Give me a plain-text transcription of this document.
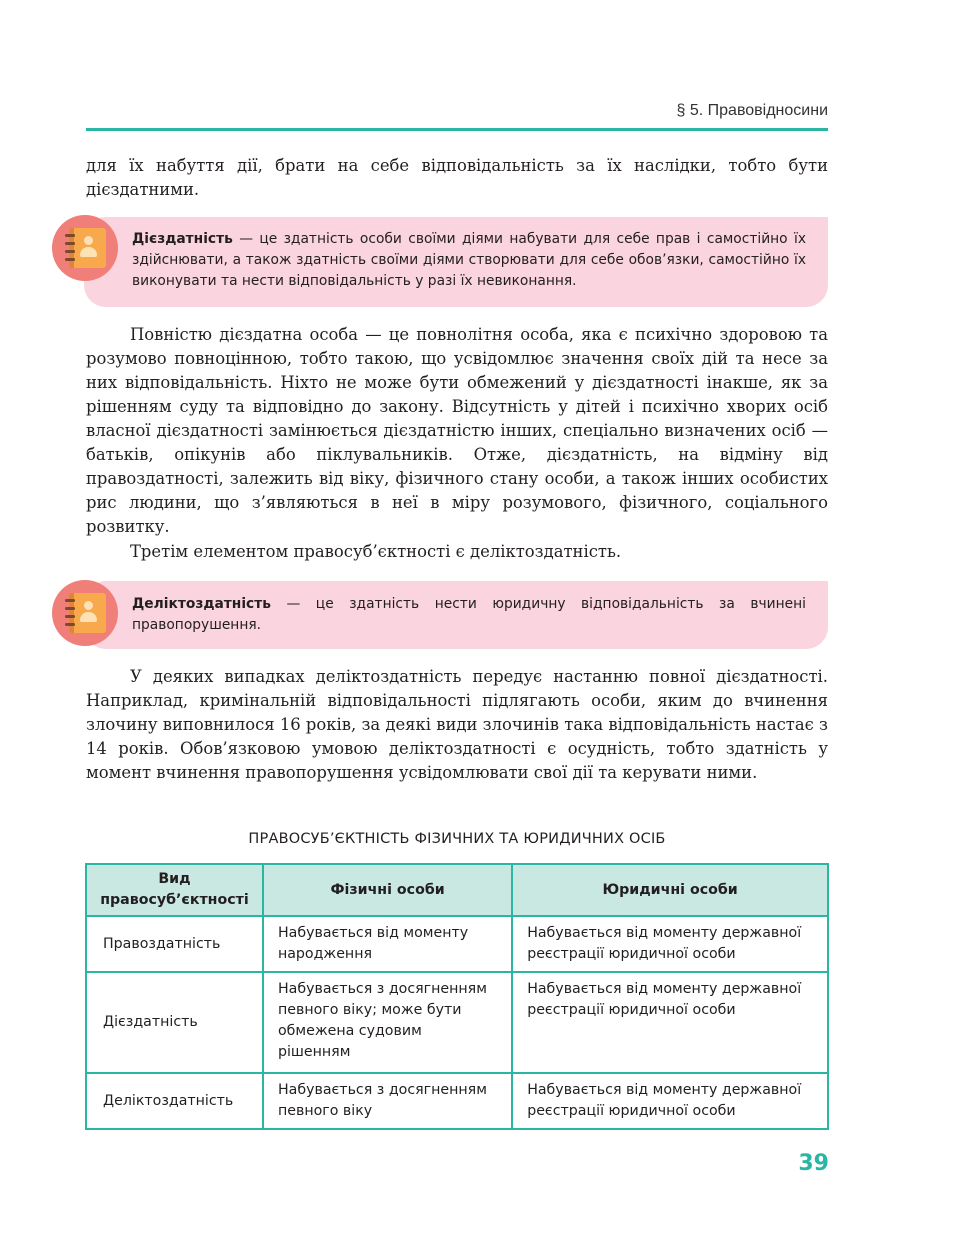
§ 5. Правовідносини

для їх набуття дії, брати на себе відповідальність за їх наслідки, тобто бути дієздатними.

Дієздатність — це здатність особи своїми діями набувати для себе прав і самостійно їх здійснювати, а також здатність своїми діями створювати для себе обов’язки, самостійно їх виконувати та нести відповідальність у разі їх невиконання.

Повністю дієздатна особа — це повнолітня особа, яка є психічно здоровою та розумово повноцінною, тобто такою, що усвідомлює значення своїх дій та несе за них відповідальність. Ніхто не може бути обмежений у дієздатності інакше, як за рішенням суду та відповідно до закону. Відсутність у дітей і психічно хворих осіб власної дієздатності замінюється дієздатністю інших, спеціально визначених осіб — батьків, опікунів або піклувальників. Отже, дієздатність, на відміну від правоздатності, залежить від віку, фізичного стану особи, а також інших особистих рис людини, що з’являються в неї в міру розумового, фізичного, соціального розвитку.

Третім елементом правосуб’єктності є деліктоздатність.

Деліктоздатність — це здатність нести юридичну відповідальність за вчинені правопорушення.

У деяких випадках деліктоздатність передує настанню повної дієздатності. Наприклад, кримінальній відповідальності підлягають особи, яким до вчинення злочину виповнилося 16 років, за деякі види злочинів така відповідальність настає з 14 років. Обов’язковою умовою деліктоздатності є осудність, тобто здатність у момент вчинення правопорушення усвідомлювати свої дії та керувати ними.

ПРАВОСУБ’ЄКТНІСТЬ ФІЗИЧНИХ ТА ЮРИДИЧНИХ ОСІБ
Вид правосуб’єктності	Фізичні особи	Юридичні особи
Правоздатність	Набувається від моменту народження	Набувається від моменту державної реєстрації юридичної особи
Дієздатність	Набувається з досягненням певного віку; може бути обмежена судовим рішенням	Набувається від моменту державної реєстрації юридичної особи
Деліктоздатність	Набувається з досягненням певного віку	Набувається від моменту державної реєстрації юридичної особи
39
